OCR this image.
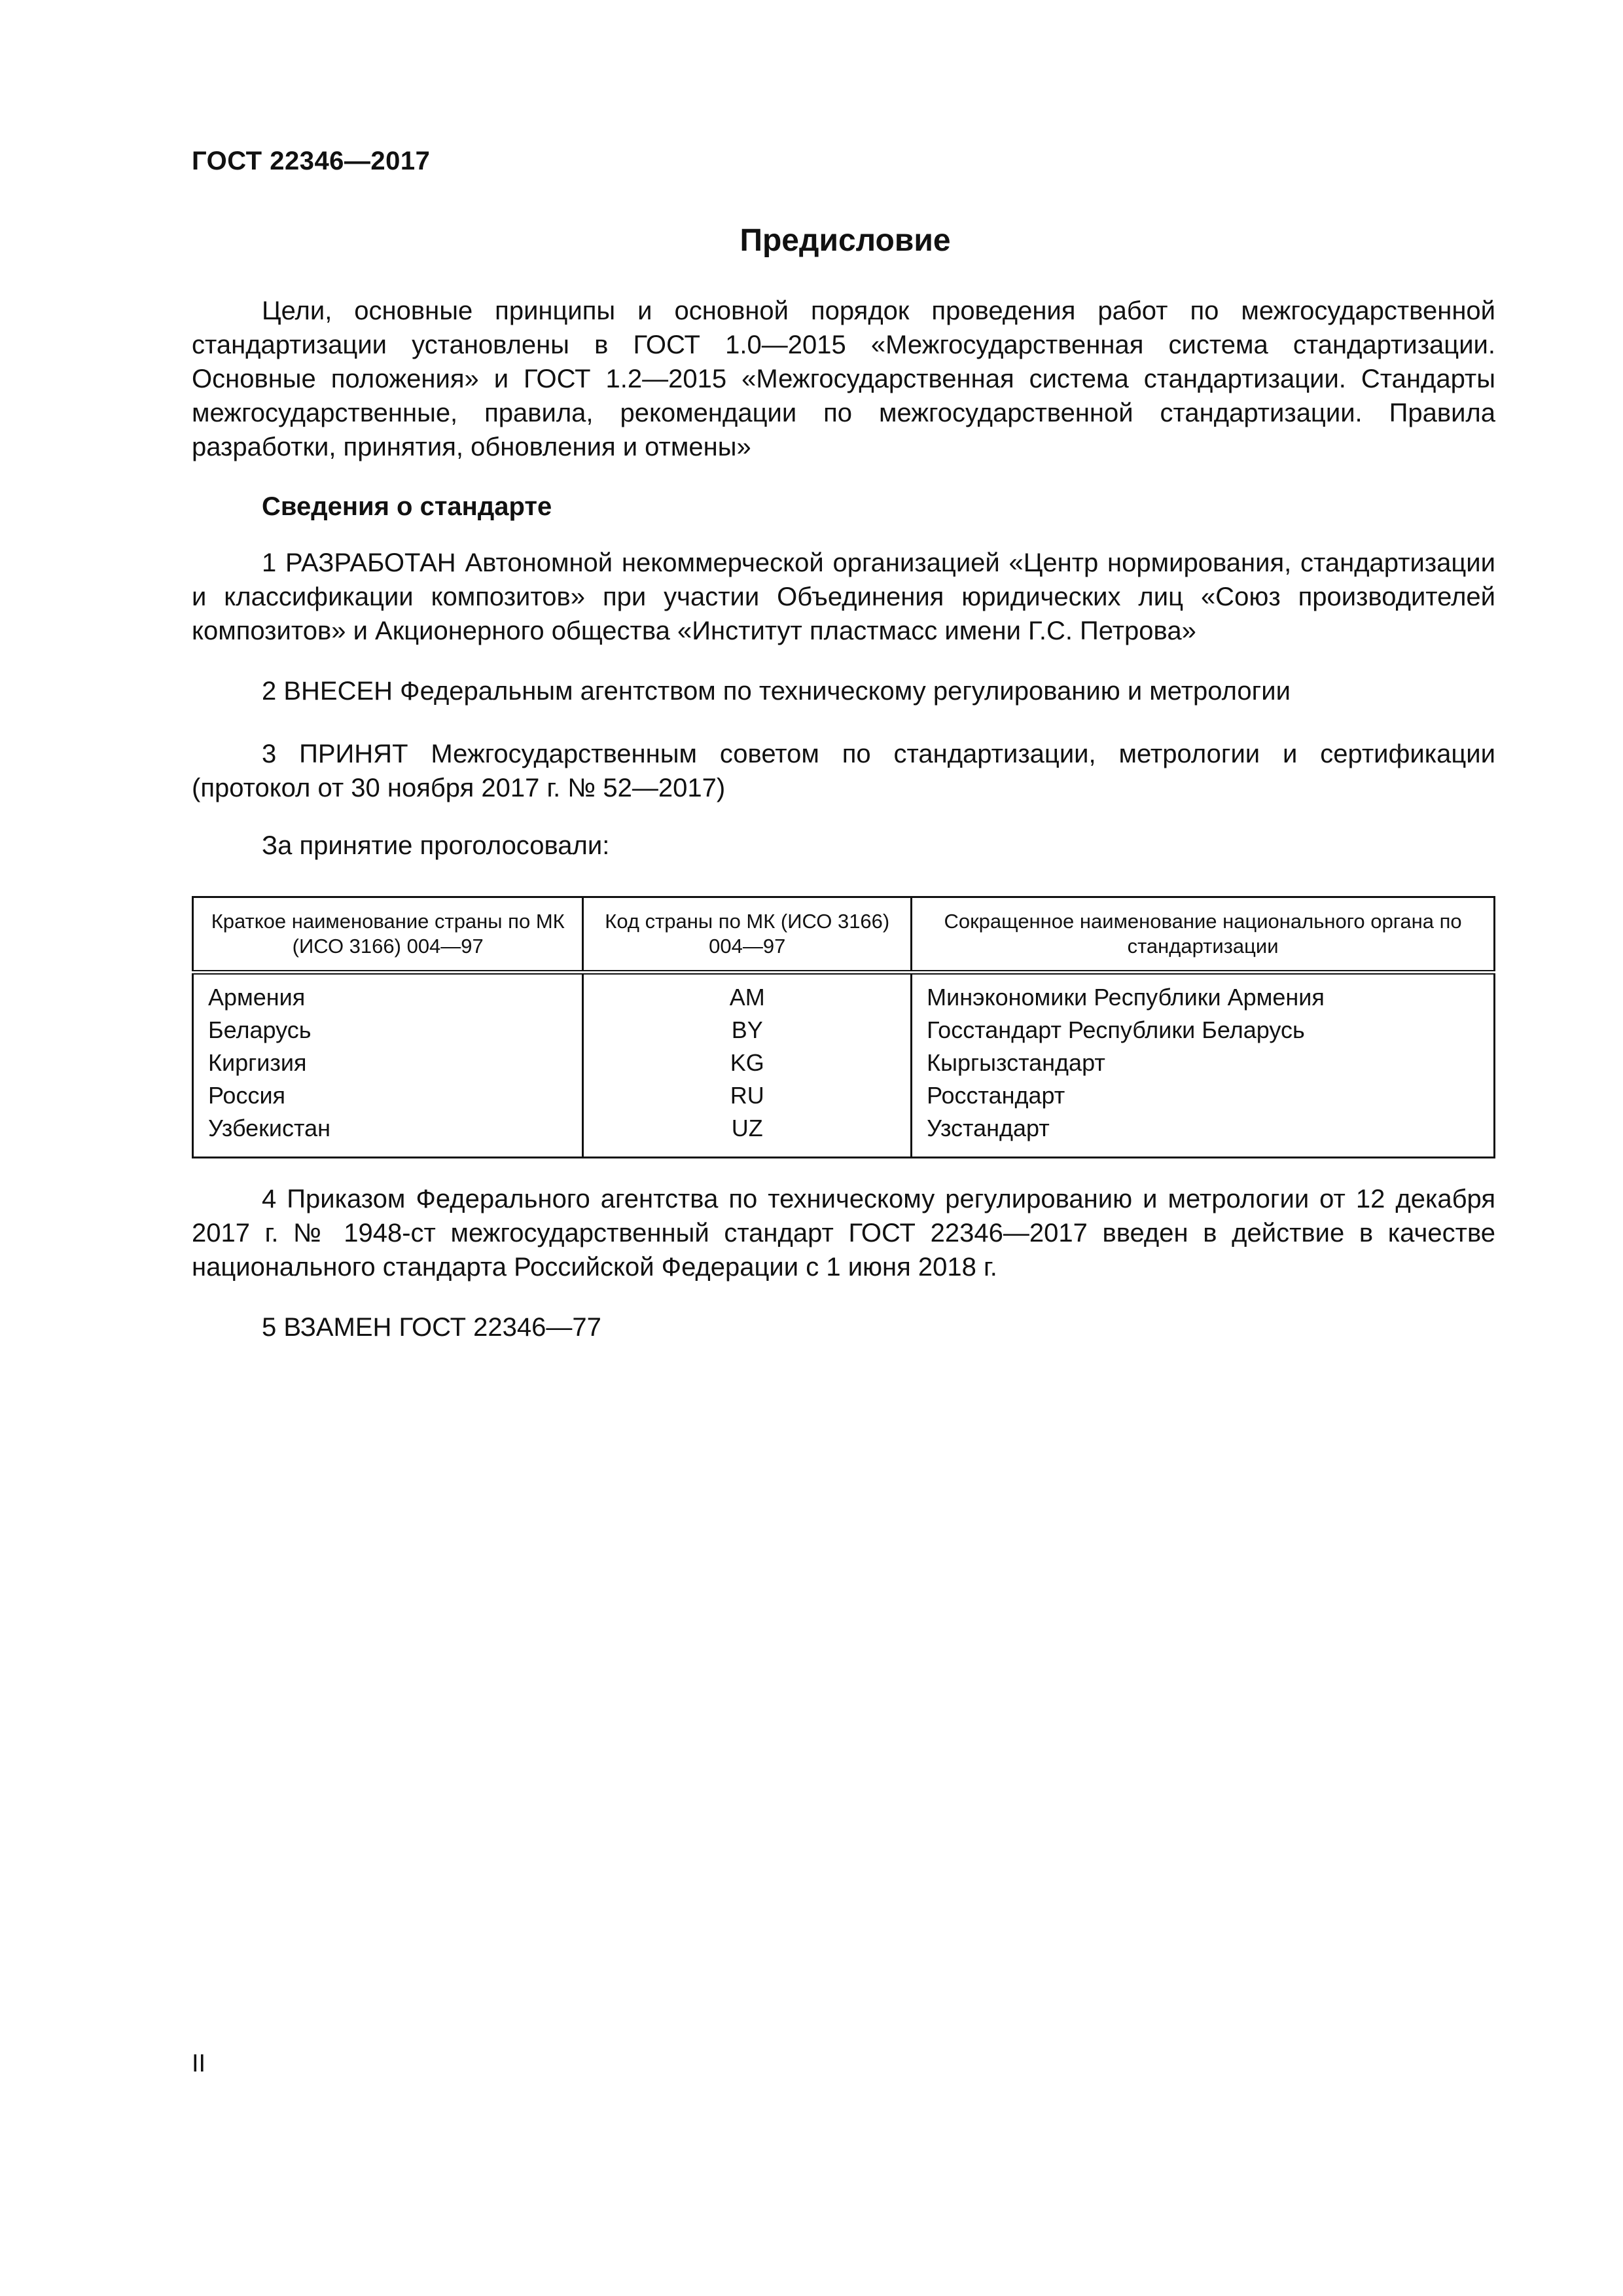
ГОСТ 22346—2017
Предисловие

Цели, основные принципы и основной порядок проведения работ по межгосударственной стандартизации установлены в ГОСТ 1.0—2015 «Межгосударственная система стандартизации. Основные положения» и ГОСТ 1.2—2015 «Межгосударственная система стандартизации. Стандарты межгосударственные, правила, рекомендации по межгосударственной стандартизации. Правила разработки, принятия, обновления и отмены»

Сведения о стандарте

1 РАЗРАБОТАН Автономной некоммерческой организацией «Центр нормирования, стандартизации и классификации композитов» при участии Объединения юридических лиц «Союз производителей композитов» и Акционерного общества «Институт пластмасс имени Г.С. Петрова»

2 ВНЕСЕН Федеральным агентством по техническому регулированию и метрологии

3 ПРИНЯТ Межгосударственным советом по стандартизации, метрологии и сертификации (протокол от 30 ноября 2017 г. № 52—2017)

За принятие проголосовали:
Краткое наименование страны по МК (ИСО 3166) 004—97	Код страны по МК (ИСО 3166) 004—97	Сокращенное наименование национального органа по стандартизации
Армения	AM	Минэкономики Республики Армения
Беларусь	BY	Госстандарт Республики Беларусь
Киргизия	KG	Кыргызстандарт
Россия	RU	Росстандарт
Узбекистан	UZ	Узстандарт

4 Приказом Федерального агентства по техническому регулированию и метрологии от 12 декабря 2017 г. № 1948-ст межгосударственный стандарт ГОСТ 22346—2017 введен в действие в качестве национального стандарта Российской Федерации с 1 июня 2018 г.

5 ВЗАМЕН ГОСТ 22346—77

II
